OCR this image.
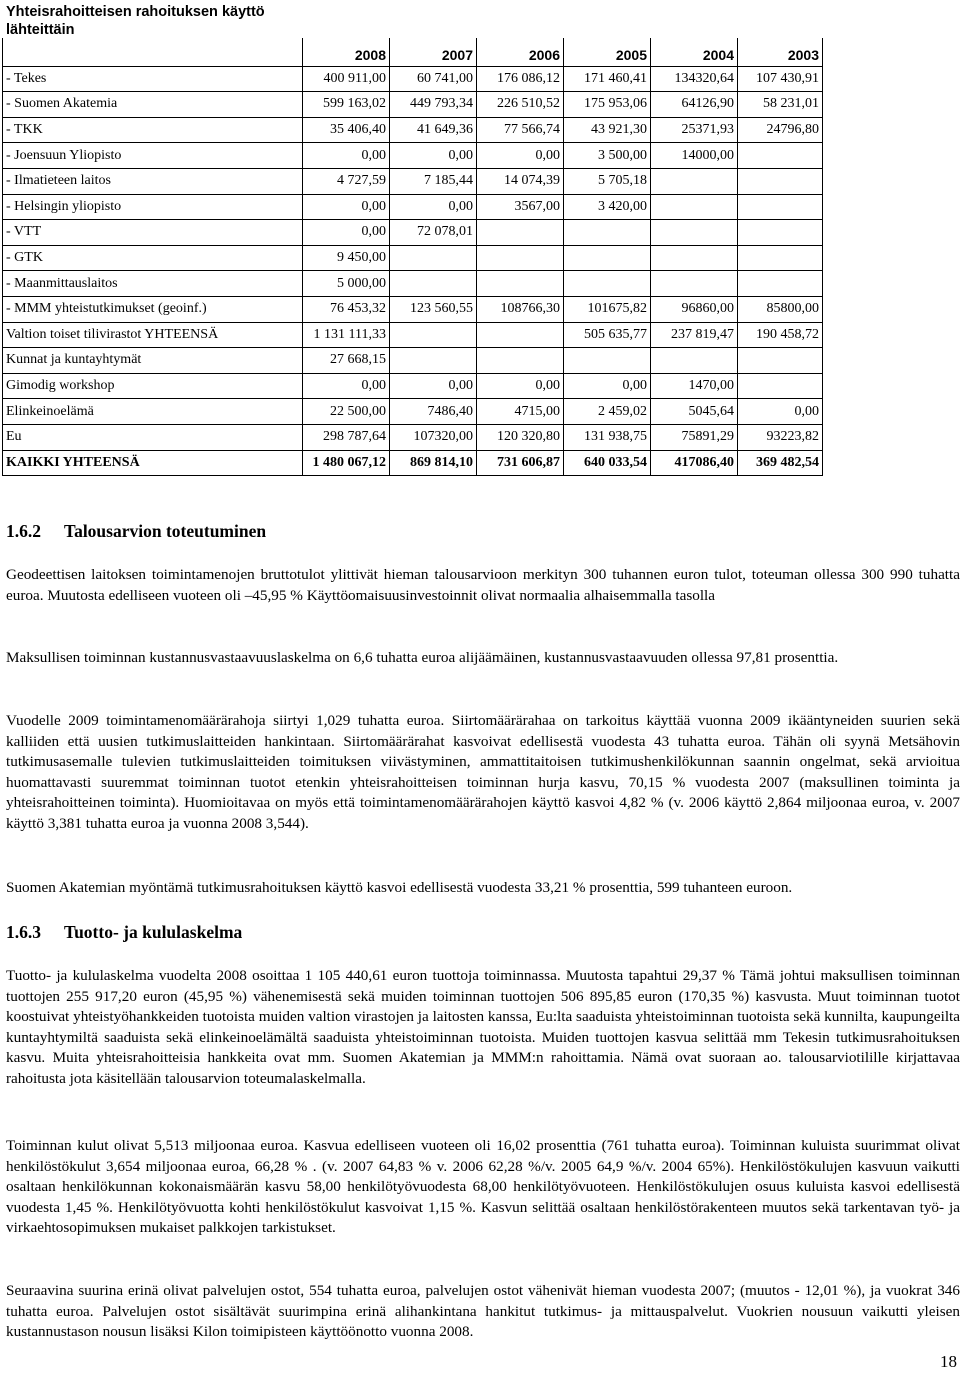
Yhteisrahoitteisen rahoituksen käyttö lähteittäin
	2008	2007	2006	2005	2004	2003
- Tekes	400 911,00	60 741,00	176 086,12	171 460,41	134320,64	107 430,91
- Suomen Akatemia	599 163,02	449 793,34	226 510,52	175 953,06	64126,90	58 231,01
- TKK	35 406,40	41 649,36	77 566,74	43 921,30	25371,93	24796,80
- Joensuun Yliopisto	0,00	0,00	0,00	3 500,00	14000,00	
- Ilmatieteen laitos	4 727,59	7 185,44	14 074,39	5 705,18		
- Helsingin yliopisto	0,00	0,00	3567,00	3 420,00		
- VTT	0,00	72 078,01				
- GTK	9 450,00					
- Maanmittauslaitos	5 000,00					
- MMM yhteistutkimukset (geoinf.)	76 453,32	123 560,55	108766,30	101675,82	96860,00	85800,00
Valtion toiset tilivirastot YHTEENSÄ	1 131 111,33			505 635,77	237 819,47	190 458,72
Kunnat ja kuntayhtymät	27 668,15					
Gimodig workshop	0,00	0,00	0,00	0,00	1470,00	
Elinkeinoelämä	22 500,00	7486,40	4715,00	2 459,02	5045,64	0,00
Eu	298 787,64	107320,00	120 320,80	131 938,75	75891,29	93223,82
KAIKKI YHTEENSÄ	1 480 067,12	869 814,10	731 606,87	640 033,54	417086,40	369 482,54
1.6.2 Talousarvion toteutuminen

Geodeettisen laitoksen toimintamenojen bruttotulot ylittivät hieman talousarvioon merkityn 300 tuhannen euron tulot, toteuman ollessa 300 990 tuhatta euroa. Muutosta edelliseen vuoteen oli –45,95 % Käyttöomaisuusinvestoinnit olivat normaalia alhaisemmalla tasolla

Maksullisen toiminnan kustannusvastaavuuslaskelma on 6,6 tuhatta euroa alijäämäinen, kustannusvastaavuuden ollessa 97,81 prosenttia.

Vuodelle 2009 toimintamenomäärärahoja siirtyi 1,029 tuhatta euroa. Siirtomäärärahaa on tarkoitus käyttää vuonna 2009 ikääntyneiden suurien sekä kalliiden että uusien tutkimuslaitteiden hankintaan. Siirtomäärärahat kasvoivat edellisestä vuodesta 43 tuhatta euroa. Tähän oli syynä Metsähovin tutkimusasemalle tulevien tutkimuslaitteiden toimituksen viivästyminen, ammattitaitoisen tutkimushenkilökunnan saannin ongelmat, sekä arvioitua huomattavasti suuremmat toiminnan tuotot etenkin yhteisrahoitteisen toiminnan hurja kasvu, 70,15 % vuodesta 2007 (maksullinen toiminta ja yhteisrahoitteinen toiminta). Huomioitavaa on myös että toimintamenomäärärahojen käyttö kasvoi 4,82 % (v. 2006 käyttö 2,864 miljoonaa euroa, v. 2007 käyttö 3,381 tuhatta euroa ja vuonna 2008 3,544).

Suomen Akatemian myöntämä tutkimusrahoituksen käyttö kasvoi edellisestä vuodesta 33,21 % prosenttia, 599 tuhanteen euroon.

1.6.3 Tuotto- ja kululaskelma

Tuotto- ja kululaskelma vuodelta 2008 osoittaa 1 105 440,61 euron tuottoja toiminnassa. Muutosta tapahtui 29,37 % Tämä johtui maksullisen toiminnan tuottojen 255 917,20 euron (45,95 %) vähenemisestä sekä muiden toiminnan tuottojen 506 895,85 euron (170,35 %) kasvusta. Muut toiminnan tuotot koostuivat yhteistyöhankkeiden tuotoista muiden valtion virastojen ja laitosten kanssa, Eu:lta saaduista yhteistoiminnan tuotoista sekä kunnilta, kaupungeilta kuntayhtymiltä saaduista sekä elinkeinoelämältä saaduista yhteistoiminnan tuotoista. Muiden tuottojen kasvua selittää mm Tekesin tutkimusrahoituksen kasvu. Muita yhteisrahoitteisia hankkeita ovat mm. Suomen Akatemian ja MMM:n rahoittamia. Nämä ovat suoraan ao. talousarviotilille kirjattavaa rahoitusta jota käsitellään talousarvion toteumalaskelmalla.

Toiminnan kulut olivat 5,513 miljoonaa euroa. Kasvua edelliseen vuoteen oli 16,02 prosenttia (761 tuhatta euroa). Toiminnan kuluista suurimmat olivat henkilöstökulut 3,654 miljoonaa euroa, 66,28 % . (v. 2007 64,83 % v. 2006 62,28 %/v. 2005 64,9 %/v. 2004 65%). Henkilöstökulujen kasvuun vaikutti osaltaan henkilökunnan kokonaismäärän kasvu 58,00 henkilötyövuodesta 68,00 henkilötyövuoteen. Henkilöstökulujen osuus kuluista kasvoi edellisestä vuodesta 1,45 %. Henkilötyövuotta kohti henkilöstökulut kasvoivat 1,15 %. Kasvun selittää osaltaan henkilöstörakenteen muutos sekä tarkentavan työ- ja virkaehtosopimuksen mukaiset palkkojen tarkistukset.

Seuraavina suurina erinä olivat palvelujen ostot, 554 tuhatta euroa, palvelujen ostot vähenivät hieman vuodesta 2007; (muutos - 12,01 %), ja vuokrat 346 tuhatta euroa. Palvelujen ostot sisältävät suurimpina erinä alihankintana hankitut tutkimus- ja mittauspalvelut. Vuokrien nousuun vaikutti yleisen kustannustason nousun lisäksi Kilon toimipisteen käyttöönotto vuonna 2008.

18
